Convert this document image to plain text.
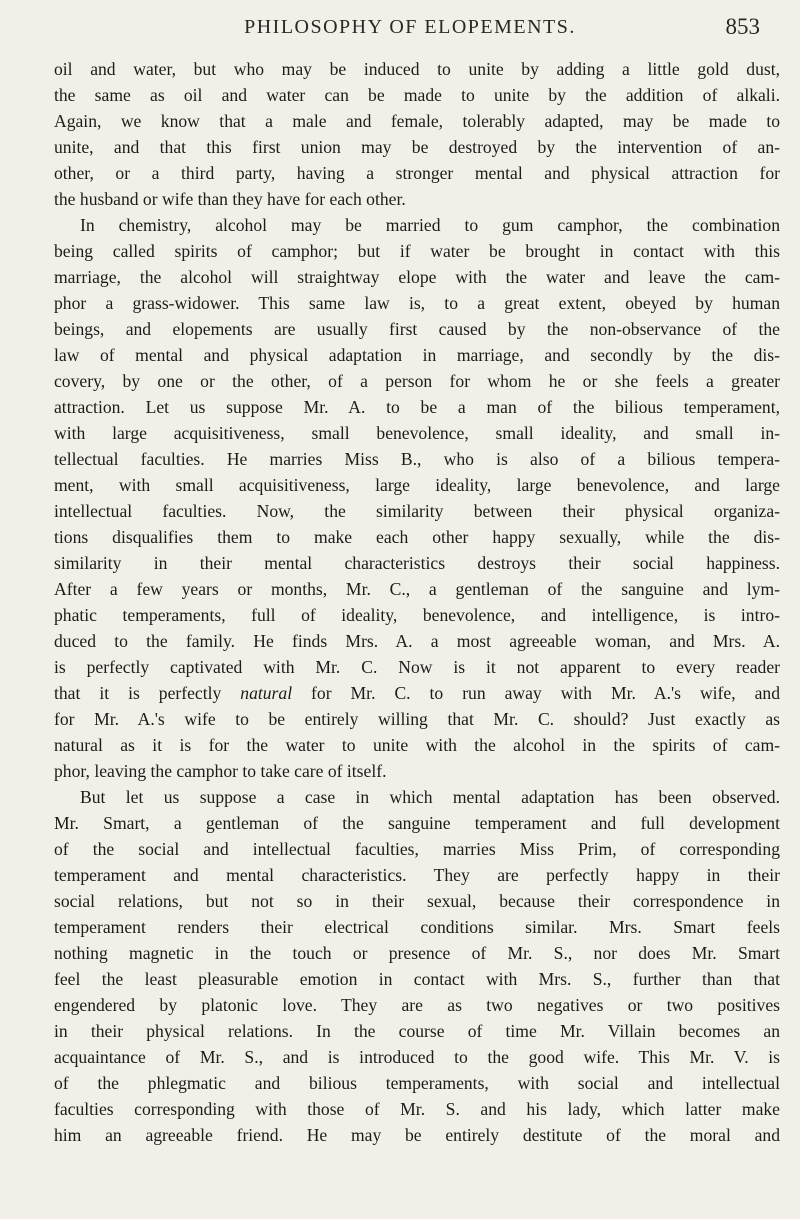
PHILOSOPHY OF ELOPEMENTS.	853
oil and water, but who may be induced to unite by adding a little gold dust,
the same as oil and water can be made to unite by the addition of alkali.
Again, we know that a male and female, tolerably adapted, may be made to
unite, and that this first union may be destroyed by the intervention of an-
other, or a third party, having a stronger mental and physical attraction for
the husband or wife than they have for each other.
In chemistry, alcohol may be married to gum camphor, the combination
being called spirits of camphor; but if water be brought in contact with this
marriage, the alcohol will straightway elope with the water and leave the cam-
phor a grass-widower. This same law is, to a great extent, obeyed by human
beings, and elopements are usually first caused by the non-observance of the
law of mental and physical adaptation in marriage, and secondly by the dis-
covery, by one or the other, of a person for whom he or she feels a greater
attraction. Let us suppose Mr. A. to be a man of the bilious temperament,
with large acquisitiveness, small benevolence, small ideality, and small in-
tellectual faculties. He marries Miss B., who is also of a bilious tempera-
ment, with small acquisitiveness, large ideality, large benevolence, and large
intellectual faculties. Now, the similarity between their physical organiza-
tions disqualifies them to make each other happy sexually, while the dis-
similarity in their mental characteristics destroys their social happiness.
After a few years or months, Mr. C., a gentleman of the sanguine and lym-
phatic temperaments, full of ideality, benevolence, and intelligence, is intro-
duced to the family. He finds Mrs. A. a most agreeable woman, and Mrs. A.
is perfectly captivated with Mr. C. Now is it not apparent to every reader
that it is perfectly natural for Mr. C. to run away with Mr. A.'s wife, and
for Mr. A.'s wife to be entirely willing that Mr. C. should? Just exactly as
natural as it is for the water to unite with the alcohol in the spirits of cam-
phor, leaving the camphor to take care of itself.
But let us suppose a case in which mental adaptation has been observed.
Mr. Smart, a gentleman of the sanguine temperament and full development
of the social and intellectual faculties, marries Miss Prim, of corresponding
temperament and mental characteristics. They are perfectly happy in their
social relations, but not so in their sexual, because their correspondence in
temperament renders their electrical conditions similar. Mrs. Smart feels
nothing magnetic in the touch or presence of Mr. S., nor does Mr. Smart
feel the least pleasurable emotion in contact with Mrs. S., further than that
engendered by platonic love. They are as two negatives or two positives
in their physical relations. In the course of time Mr. Villain becomes an
acquaintance of Mr. S., and is introduced to the good wife. This Mr. V. is
of the phlegmatic and bilious temperaments, with social and intellectual
faculties corresponding with those of Mr. S. and his lady, which latter make
him an agreeable friend. He may be entirely destitute of the moral and
